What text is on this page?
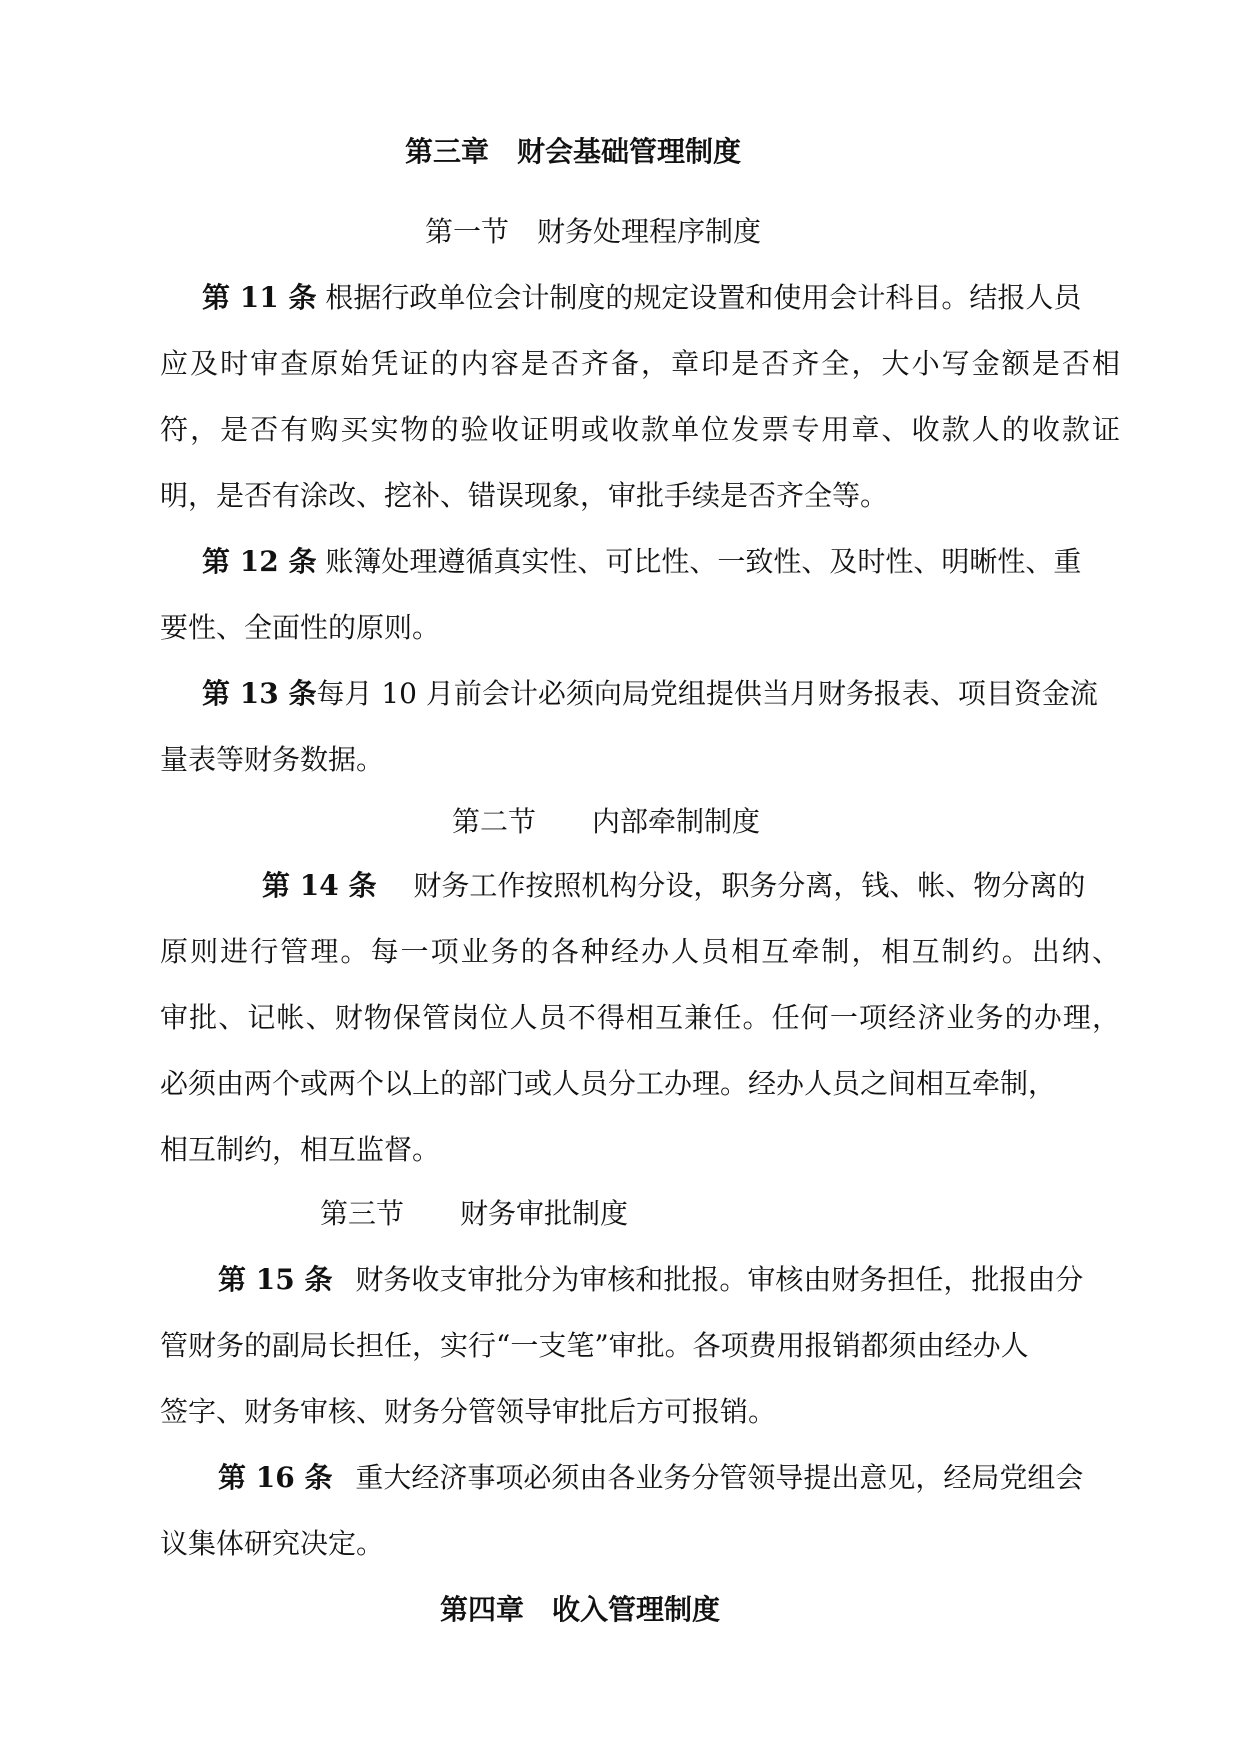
第三章　财会基础管理制度
第一节　财务处理程序制度
第 11 条 根据行政单位会计制度的规定设置和使用会计科目。结报人员
应及时审查原始凭证的内容是否齐备，章印是否齐全，大小写金额是否相
符，是否有购买实物的验收证明或收款单位发票专用章、收款人的收款证
明，是否有涂改、挖补、错误现象，审批手续是否齐全等。
第 12 条 账簿处理遵循真实性、可比性、一致性、及时性、明晰性、重
要性、全面性的原则。
第 13 条每月 10 月前会计必须向局党组提供当月财务报表、项目资金流
量表等财务数据。
第二节　　内部牵制制度
第 14 条 财务工作按照机构分设，职务分离，钱、帐、物分离的
原则进行管理。每一项业务的各种经办人员相互牵制，相互制约。出纳、
审批、记帐、财物保管岗位人员不得相互兼任。任何一项经济业务的办理，
必须由两个或两个以上的部门或人员分工办理。经办人员之间相互牵制，
相互制约，相互监督。
第三节　　财务审批制度
第 15 条 财务收支审批分为审核和批报。审核由财务担任，批报由分
管财务的副局长担任，实行“一支笔”审批。各项费用报销都须由经办人
签字、财务审核、财务分管领导审批后方可报销。
第 16 条 重大经济事项必须由各业务分管领导提出意见，经局党组会
议集体研究决定。
第四章　收入管理制度
